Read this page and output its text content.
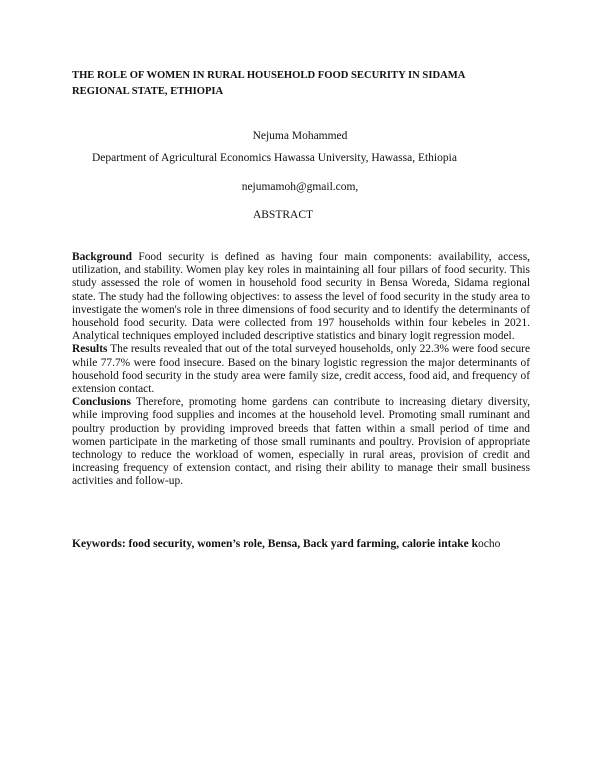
THE ROLE OF WOMEN IN RURAL HOUSEHOLD FOOD SECURITY IN SIDAMA
REGIONAL STATE, ETHIOPIA
Nejuma Mohammed
Department of Agricultural Economics Hawassa University, Hawassa, Ethiopia
nejumamoh@gmail.com,
ABSTRACT

Background Food security is defined as having four main components: availability, access, utilization, and stability. Women play key roles in maintaining all four pillars of food security. This study assessed the role of women in household food security in Bensa Woreda, Sidama regional state. The study had the following objectives: to assess the level of food security in the study area to investigate the women's role in three dimensions of food security and to identify the determinants of household food security. Data were collected from 197 households within four kebeles in 2021. Analytical techniques employed included descriptive statistics and binary logit regression model.

Results The results revealed that out of the total surveyed households, only 22.3% were food secure while 77.7% were food insecure. Based on the binary logistic regression the major determinants of household food security in the study area were family size, credit access, food aid, and frequency of extension contact.

Conclusions Therefore, promoting home gardens can contribute to increasing dietary diversity, while improving food supplies and incomes at the household level. Promoting small ruminant and poultry production by providing improved breeds that fatten within a small period of time and women participate in the marketing of those small ruminants and poultry. Provision of appropriate technology to reduce the workload of women, especially in rural areas, provision of credit and increasing frequency of extension contact, and rising their ability to manage their small business activities and follow-up.

Keywords: food security, women’s role, Bensa, Back yard farming, calorie intake kocho
